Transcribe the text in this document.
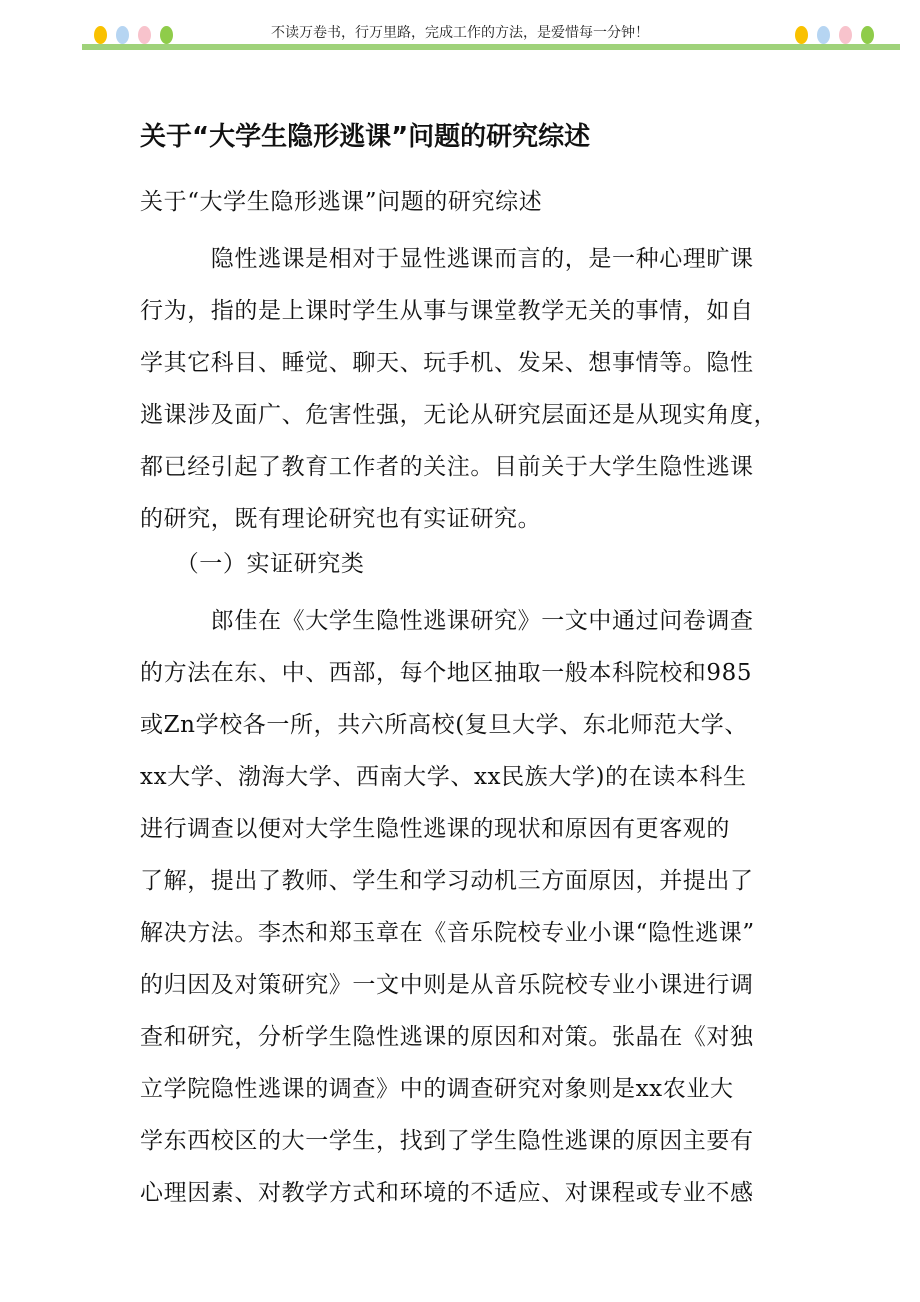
不读万卷书，行万里路，完成工作的方法，是爱惜每一分钟！
关于“大学生隐形逃课”问题的研究综述
关于“大学生隐形逃课”问题的研究综述
　　　隐性逃课是相对于显性逃课而言的，是一种心理旷课
行为，指的是上课时学生从事与课堂教学无关的事情，如自
学其它科目、睡觉、聊天、玩手机、发呆、想事情等。隐性
逃课涉及面广、危害性强，无论从研究层面还是从现实角度，
都已经引起了教育工作者的关注。目前关于大学生隐性逃课
的研究，既有理论研究也有实证研究。
　　（一）实证研究类
　　　郎佳在《大学生隐性逃课研究》一文中通过问卷调查
的方法在东、中、西部，每个地区抽取一般本科院校和985
或Zn学校各一所，共六所高校(复旦大学、东北师范大学、
xx大学、渤海大学、西南大学、xx民族大学)的在读本科生
进行调查以便对大学生隐性逃课的现状和原因有更客观的
了解，提出了教师、学生和学习动机三方面原因，并提出了
解决方法。李杰和郑玉章在《音乐院校专业小课“隐性逃课”
的归因及对策研究》一文中则是从音乐院校专业小课进行调
查和研究，分析学生隐性逃课的原因和对策。张晶在《对独
立学院隐性逃课的调查》中的调查研究对象则是xx农业大
学东西校区的大一学生，找到了学生隐性逃课的原因主要有
心理因素、对教学方式和环境的不适应、对课程或专业不感
